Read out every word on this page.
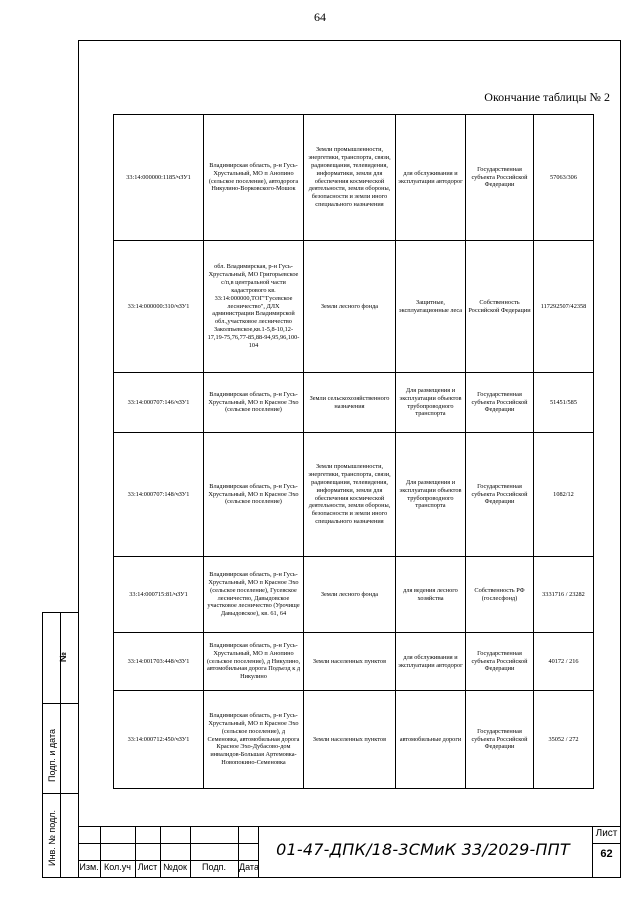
64
Окончание таблицы № 2
33:14:000000:1185/чЗУ1	Владимирская область, р-н Гусь-Хрустальный, МО п Анопино (сельское поселение), автодорога Никулино-Ворковского-Мошок	Земли промышленности, энергетики, транспорта, связи, радиовещания, телевидения, информатики, земли для обеспечения космической деятельности, земли обороны, безопасности и земли иного специального назначения	для обслуживания и эксплуатации автодорог	Государственная субъекта Российской Федерации	57063/306
33:14:000000:310/чЗУ1	обл. Владимирская, р-н Гусь-Хрустальный, МО Григорьевское с/п,в центральной части кадастрового кв. 33:14:000000,ТОГ"Гусевское лесничество", ДЛХ администрации Владимирской обл.,участковое лесничество Заколпьевское,кв.1-5,8-10,12-17,19-75,76,77-85,88-94,95,96,100-104	Земли лесного фонда	Защитные, эксплуатационные леса	Собственность Российской Федерации	117292507/42358
33:14:000707:146/чЗУ1	Владимирская область, р-н Гусь-Хрустальный, МО п Красное Эхо (сельское поселение)	Земли сельскохозяйственного назначения	Для размещения и эксплуатации объектов трубопроводного транспорта	Государственная субъекта Российской Федерации	51451/585
33:14:000707:148/чЗУ1	Владимирская область, р-н Гусь-Хрустальный, МО п Красное Эхо (сельское поселение)	Земли промышленности, энергетики, транспорта, связи, радиовещания, телевидения, информатики, земли для обеспечения космической деятельности, земли обороны, безопасности и земли иного специального назначения	Для размещения и эксплуатации объектов трубопроводного транспорта	Государственная субъекта Российской Федерации	1082/12
33:14:000715:81/чЗУ1	Владимирская область, р-н Гусь-Хрустальный, МО п Красное Эхо (сельское поселение), Гусевское лесничество, Давыдовское участковое лесничество (Урочище Давыдовское), кв. 61, 64	Земли лесного фонда	для ведения лесного хозяйства	Собственность РФ (гослесфонд)	3331716 / 23282
33:14:001703:448/чЗУ1	Владимирская область, р-н Гусь-Хрустальный, МО п Анопино (сельское поселение), д Никулино, автомобильная дорога Подъезд к д Никулино	Земли населенных пунктов	для обслуживания и эксплуатации автодорог	Государственная субъекта Российской Федерации	40172 / 216
33:14:000712:450/чЗУ1	Владимирская область, р-н Гусь-Хрустальный, МО п Красное Эхо (сельское поселение), д Семеновка, автомобильная дорога Красное Эхо-Дубасово-дом инвалидов-Большая Артемовка-Новопокино-Семеновка	Земли населенных пунктов	автомобильные дороги	Государственная субъекта Российской Федерации	35052 / 272
Инв. № подл.
Подп. и дата
№
Изм. Кол.уч Лист №док	Подп.	Дата
01-47-ДПК/18-3СМиК 33/2029-ППТ
Лист
62
